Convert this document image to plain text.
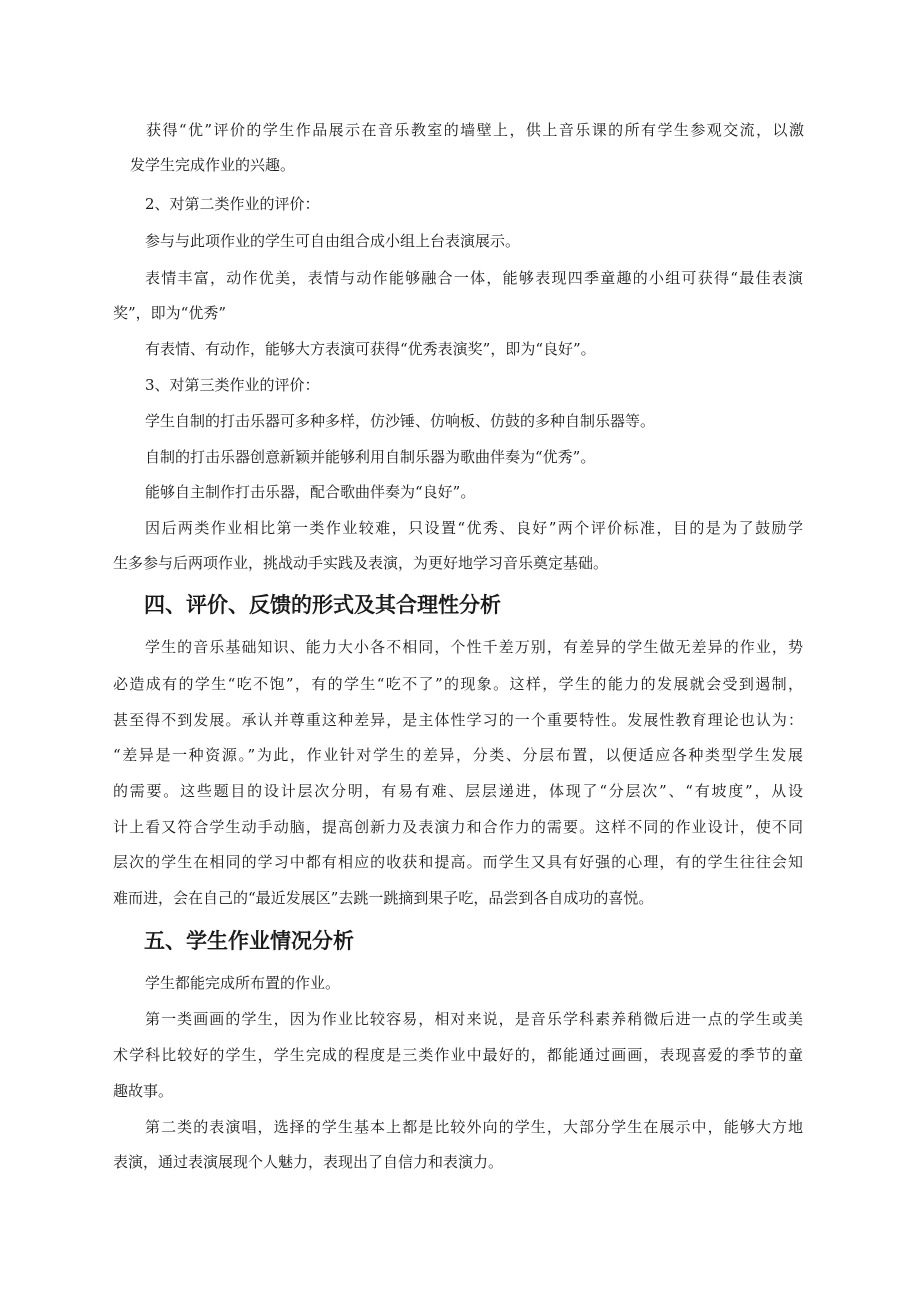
获得“优”评价的学生作品展示在音乐教室的墙壁上，供上音乐课的所有学生参观交流，以激

发学生完成作业的兴趣。

2、对第二类作业的评价：

参与与此项作业的学生可自由组合成小组上台表演展示。

表情丰富，动作优美，表情与动作能够融合一体，能够表现四季童趣的小组可获得“最佳表演

奖”，即为“优秀”

有表情、有动作，能够大方表演可获得“优秀表演奖”，即为“良好”。

3、对第三类作业的评价：

学生自制的打击乐器可多种多样，仿沙锤、仿响板、仿鼓的多种自制乐器等。

自制的打击乐器创意新颖并能够利用自制乐器为歌曲伴奏为“优秀”。

能够自主制作打击乐器，配合歌曲伴奏为“良好”。

因后两类作业相比第一类作业较难，只设置“优秀、良好”两个评价标准，目的是为了鼓励学

生多参与后两项作业，挑战动手实践及表演，为更好地学习音乐奠定基础。

四、评价、反馈的形式及其合理性分析

学生的音乐基础知识、能力大小各不相同，个性千差万别，有差异的学生做无差异的作业，势

必造成有的学生“吃不饱”，有的学生“吃不了”的现象。这样，学生的能力的发展就会受到遏制，

甚至得不到发展。承认并尊重这种差异，是主体性学习的一个重要特性。发展性教育理论也认为：

“差异是一种资源。”为此，作业针对学生的差异，分类、分层布置，以便适应各种类型学生发展

的需要。这些题目的设计层次分明，有易有难、层层递进，体现了“分层次”、“有坡度”，从设

计上看又符合学生动手动脑，提高创新力及表演力和合作力的需要。这样不同的作业设计，使不同

层次的学生在相同的学习中都有相应的收获和提高。而学生又具有好强的心理，有的学生往往会知

难而进，会在自己的“最近发展区”去跳一跳摘到果子吃，品尝到各自成功的喜悦。

五、学生作业情况分析

学生都能完成所布置的作业。

第一类画画的学生，因为作业比较容易，相对来说，是音乐学科素养稍微后进一点的学生或美

术学科比较好的学生，学生完成的程度是三类作业中最好的，都能通过画画，表现喜爱的季节的童

趣故事。

第二类的表演唱，选择的学生基本上都是比较外向的学生，大部分学生在展示中，能够大方地

表演，通过表演展现个人魅力，表现出了自信力和表演力。
